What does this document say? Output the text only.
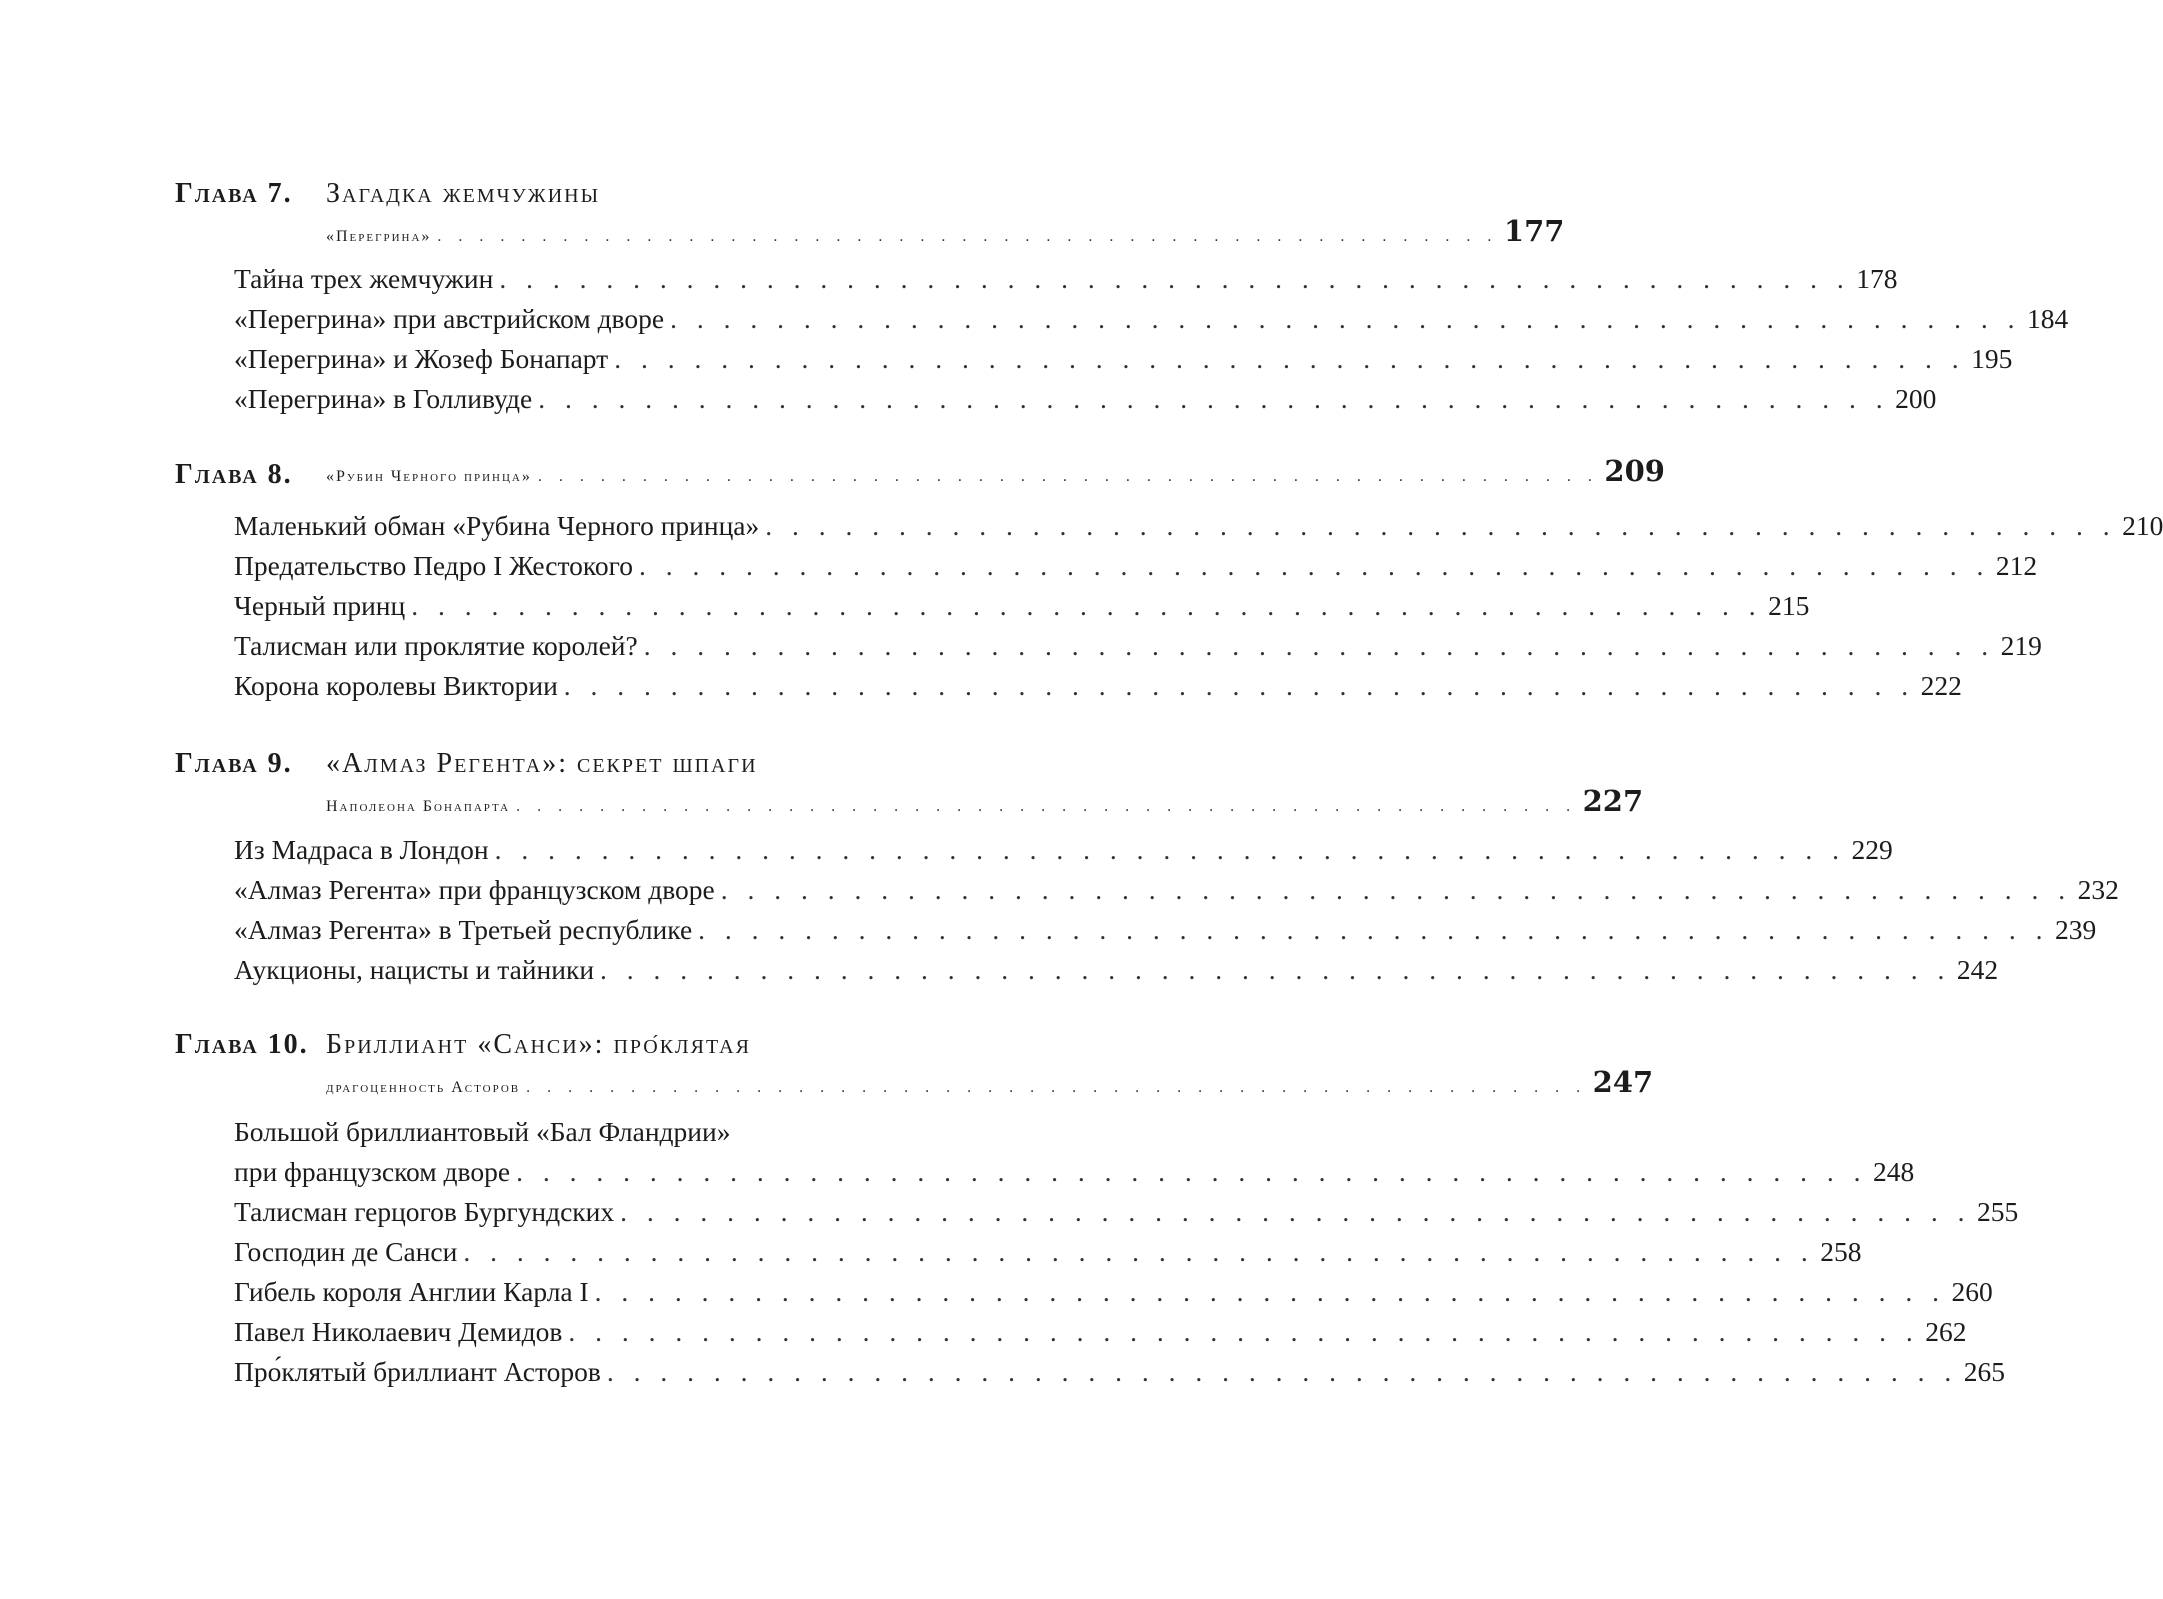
Глава 7. Загадка жемчужины
«Перегрина» . . . . . . . . . . . . . . . . . . . . . . . . . . . . . . . . . . . . . . . . . . . . . . . . . . . 177
Тайна трех жемчужин . . . . . . . . . . . . . . . . . . . . . . . . . . . . . . . . . . . . . . . . . . . . . . . . . . . 178
«Перегрина» при австрийском дворе . . . . . . . . . . . . . . . . . . . . . . . . . . . . . . . . . . . . . . . . . . . . . . . . . . . 184
«Перегрина» и Жозеф Бонапарт . . . . . . . . . . . . . . . . . . . . . . . . . . . . . . . . . . . . . . . . . . . . . . . . . . . 195
«Перегрина» в Голливуде . . . . . . . . . . . . . . . . . . . . . . . . . . . . . . . . . . . . . . . . . . . . . . . . . . . 200
Глава 8. «Рубин Черного принца» . . . . . . . . . . . . . . . . . . . . . . . . . . . . . . . . . . . . . . . . . . . . . . . . . . . 209
Маленький обман «Рубина Черного принца» . . . . . . . . . . . . . . . . . . . . . . . . . . . . . . . . . . . . . . . . . . . . . . . . . . . 210
Предательство Педро I Жестокого . . . . . . . . . . . . . . . . . . . . . . . . . . . . . . . . . . . . . . . . . . . . . . . . . . . 212
Черный принц . . . . . . . . . . . . . . . . . . . . . . . . . . . . . . . . . . . . . . . . . . . . . . . . . . . 215
Талисман или проклятие королей? . . . . . . . . . . . . . . . . . . . . . . . . . . . . . . . . . . . . . . . . . . . . . . . . . . . 219
Корона королевы Виктории . . . . . . . . . . . . . . . . . . . . . . . . . . . . . . . . . . . . . . . . . . . . . . . . . . . 222
Глава 9. «Алмаз Регента»: секрет шпаги
Наполеона Бонапарта . . . . . . . . . . . . . . . . . . . . . . . . . . . . . . . . . . . . . . . . . . . . . . . . . . . 227
Из Мадраса в Лондон . . . . . . . . . . . . . . . . . . . . . . . . . . . . . . . . . . . . . . . . . . . . . . . . . . . 229
«Алмаз Регента» при французском дворе . . . . . . . . . . . . . . . . . . . . . . . . . . . . . . . . . . . . . . . . . . . . . . . . . . . 232
«Алмаз Регента» в Третьей республике . . . . . . . . . . . . . . . . . . . . . . . . . . . . . . . . . . . . . . . . . . . . . . . . . . . 239
Аукционы, нацисты и тайники . . . . . . . . . . . . . . . . . . . . . . . . . . . . . . . . . . . . . . . . . . . . . . . . . . . 242
Глава 10. Бриллиант «Санси»: про́клятая
драгоценность Асторов . . . . . . . . . . . . . . . . . . . . . . . . . . . . . . . . . . . . . . . . . . . . . . . . . . . 247
Большой бриллиантовый «Бал Фландрии»
при французском дворе . . . . . . . . . . . . . . . . . . . . . . . . . . . . . . . . . . . . . . . . . . . . . . . . . . . 248
Талисман герцогов Бургундских . . . . . . . . . . . . . . . . . . . . . . . . . . . . . . . . . . . . . . . . . . . . . . . . . . . 255
Господин де Санси . . . . . . . . . . . . . . . . . . . . . . . . . . . . . . . . . . . . . . . . . . . . . . . . . . . 258
Гибель короля Англии Карла I . . . . . . . . . . . . . . . . . . . . . . . . . . . . . . . . . . . . . . . . . . . . . . . . . . . 260
Павел Николаевич Демидов . . . . . . . . . . . . . . . . . . . . . . . . . . . . . . . . . . . . . . . . . . . . . . . . . . . 262
Про́клятый бриллиант Асторов . . . . . . . . . . . . . . . . . . . . . . . . . . . . . . . . . . . . . . . . . . . . . . . . . . . 265
